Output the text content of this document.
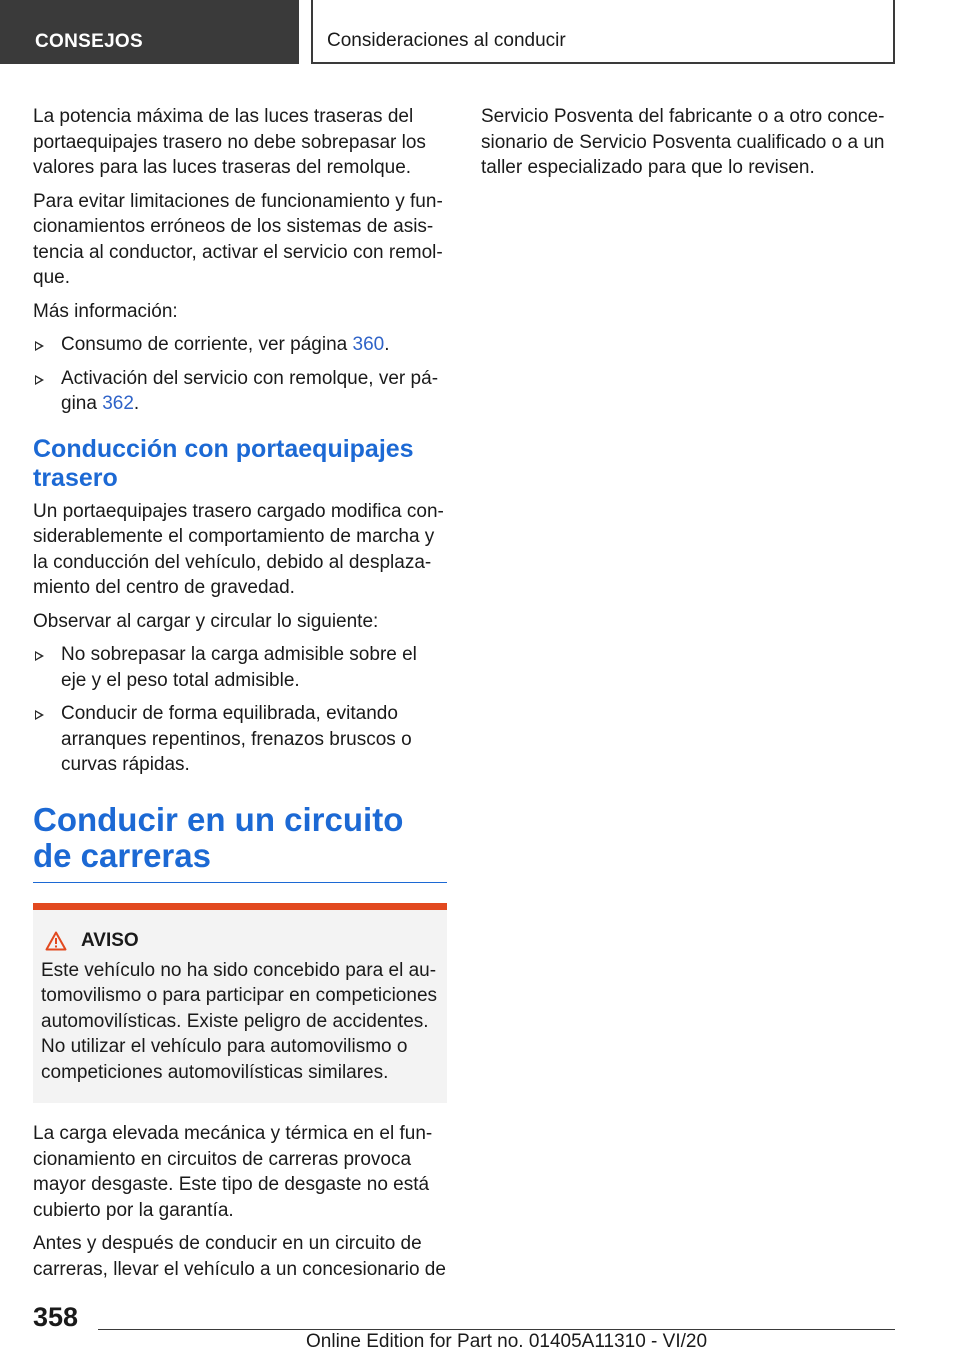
CONSEJOS	Consideraciones al conducir

La potencia máxima de las luces traseras del portaequipajes trasero no debe sobrepasar los valores para las luces traseras del remolque.

Para evitar limitaciones de funcionamiento y funcionamientos erróneos de los sistemas de asistencia al conductor, activar el servicio con remolque.

Más información:

Consumo de corriente, ver página 360.
Activación del servicio con remolque, ver página 362.
Conducción con portaequipajes trasero

Un portaequipajes trasero cargado modifica considerablemente el comportamiento de marcha y la conducción del vehículo, debido al desplazamiento del centro de gravedad.

Observar al cargar y circular lo siguiente:

No sobrepasar la carga admisible sobre el eje y el peso total admisible.
Conducir de forma equilibrada, evitando arranques repentinos, frenazos bruscos o curvas rápidas.
Conducir en un circuito de carreras
AVISO

Este vehículo no ha sido concebido para el automovilismo o para participar en competiciones automovilísticas. Existe peligro de accidentes. No utilizar el vehículo para automovilismo o competiciones automovilísticas similares.

La carga elevada mecánica y térmica en el funcionamiento en circuitos de carreras provoca mayor desgaste. Este tipo de desgaste no está cubierto por la garantía.

Antes y después de conducir en un circuito de carreras, llevar el vehículo a un concesionario de

Servicio Posventa del fabricante o a otro concesionario de Servicio Posventa cualificado o a un taller especializado para que lo revisen.

358
Online Edition for Part no. 01405A11310 - VI/20
